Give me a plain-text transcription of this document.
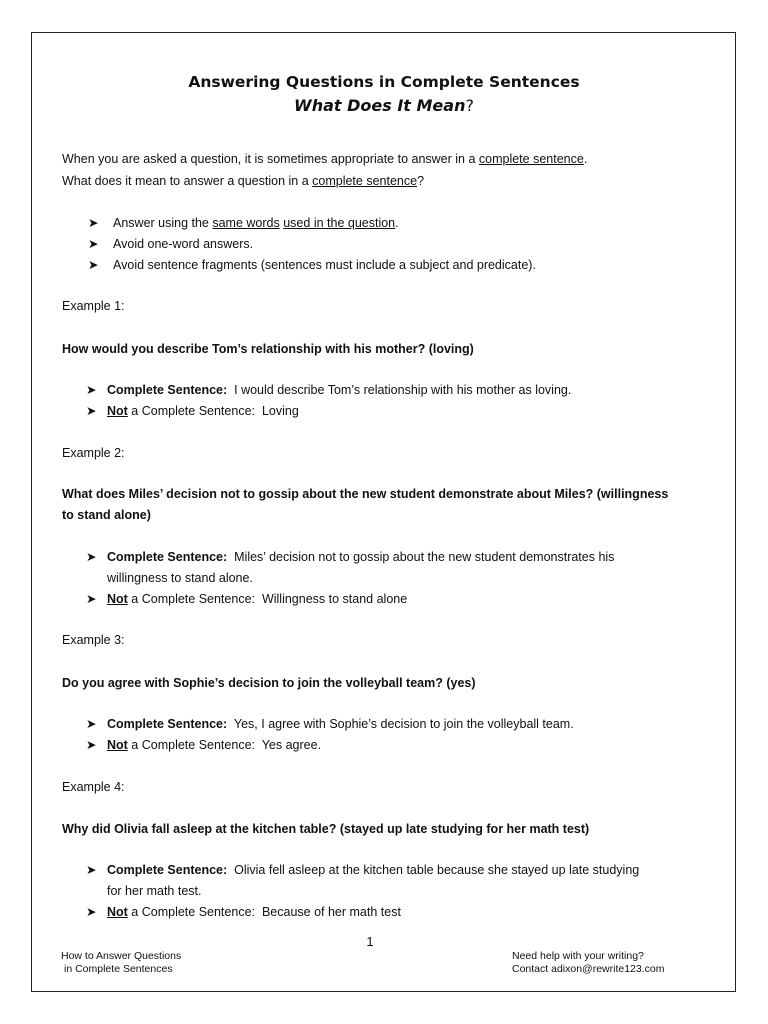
Answering Questions in Complete Sentences
What Does It Mean?
When you are asked a question, it is sometimes appropriate to answer in a complete sentence.
What does it mean to answer a question in a complete sentence?
➤ Answer using the same words used in the question.
➤ Avoid one-word answers.
➤ Avoid sentence fragments (sentences must include a subject and predicate).
Example 1:
How would you describe Tom’s relationship with his mother? (loving)
➤ Complete Sentence: I would describe Tom’s relationship with his mother as loving.
➤ Not a Complete Sentence: Loving
Example 2:
What does Miles’ decision not to gossip about the new student demonstrate about Miles? (willingness
to stand alone)
➤ Complete Sentence: Miles’ decision not to gossip about the new student demonstrates his
willingness to stand alone.
➤ Not a Complete Sentence: Willingness to stand alone
Example 3:
Do you agree with Sophie’s decision to join the volleyball team? (yes)
➤ Complete Sentence: Yes, I agree with Sophie’s decision to join the volleyball team.
➤ Not a Complete Sentence: Yes agree.
Example 4:
Why did Olivia fall asleep at the kitchen table? (stayed up late studying for her math test)
➤ Complete Sentence: Olivia fell asleep at the kitchen table because she stayed up late studying
for her math test.
➤ Not a Complete Sentence: Because of her math test
1
How to Answer Questions
in Complete Sentences
Need help with your writing?
Contact adixon@rewrite123.com
